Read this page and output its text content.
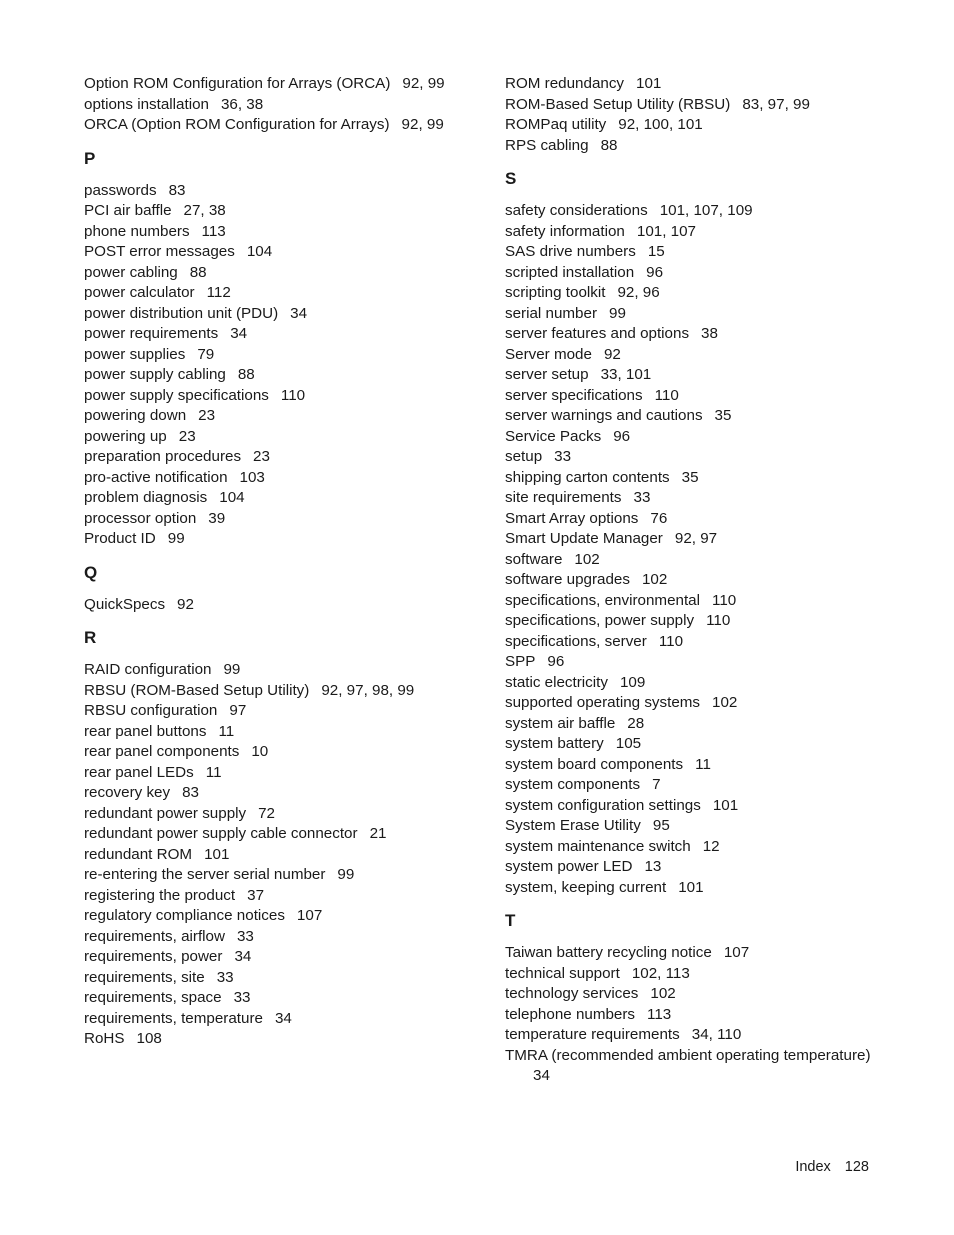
Option ROM Configuration for Arrays (ORCA) 92, 99
options installation 36, 38
ORCA (Option ROM Configuration for Arrays) 92, 99
P
passwords 83
PCI air baffle 27, 38
phone numbers 113
POST error messages 104
power cabling 88
power calculator 112
power distribution unit (PDU) 34
power requirements 34
power supplies 79
power supply cabling 88
power supply specifications 110
powering down 23
powering up 23
preparation procedures 23
pro-active notification 103
problem diagnosis 104
processor option 39
Product ID 99
Q
QuickSpecs 92
R
RAID configuration 99
RBSU (ROM-Based Setup Utility) 92, 97, 98, 99
RBSU configuration 97
rear panel buttons 11
rear panel components 10
rear panel LEDs 11
recovery key 83
redundant power supply 72
redundant power supply cable connector 21
redundant ROM 101
re-entering the server serial number 99
registering the product 37
regulatory compliance notices 107
requirements, airflow 33
requirements, power 34
requirements, site 33
requirements, space 33
requirements, temperature 34
RoHS 108
ROM redundancy 101
ROM-Based Setup Utility (RBSU) 83, 97, 99
ROMPaq utility 92, 100, 101
RPS cabling 88
S
safety considerations 101, 107, 109
safety information 101, 107
SAS drive numbers 15
scripted installation 96
scripting toolkit 92, 96
serial number 99
server features and options 38
Server mode 92
server setup 33, 101
server specifications 110
server warnings and cautions 35
Service Packs 96
setup 33
shipping carton contents 35
site requirements 33
Smart Array options 76
Smart Update Manager 92, 97
software 102
software upgrades 102
specifications, environmental 110
specifications, power supply 110
specifications, server 110
SPP 96
static electricity 109
supported operating systems 102
system air baffle 28
system battery 105
system board components 11
system components 7
system configuration settings 101
System Erase Utility 95
system maintenance switch 12
system power LED 13
system, keeping current 101
T
Taiwan battery recycling notice 107
technical support 102, 113
technology services 102
telephone numbers 113
temperature requirements 34, 110
TMRA (recommended ambient operating temperature)34
Index 128
